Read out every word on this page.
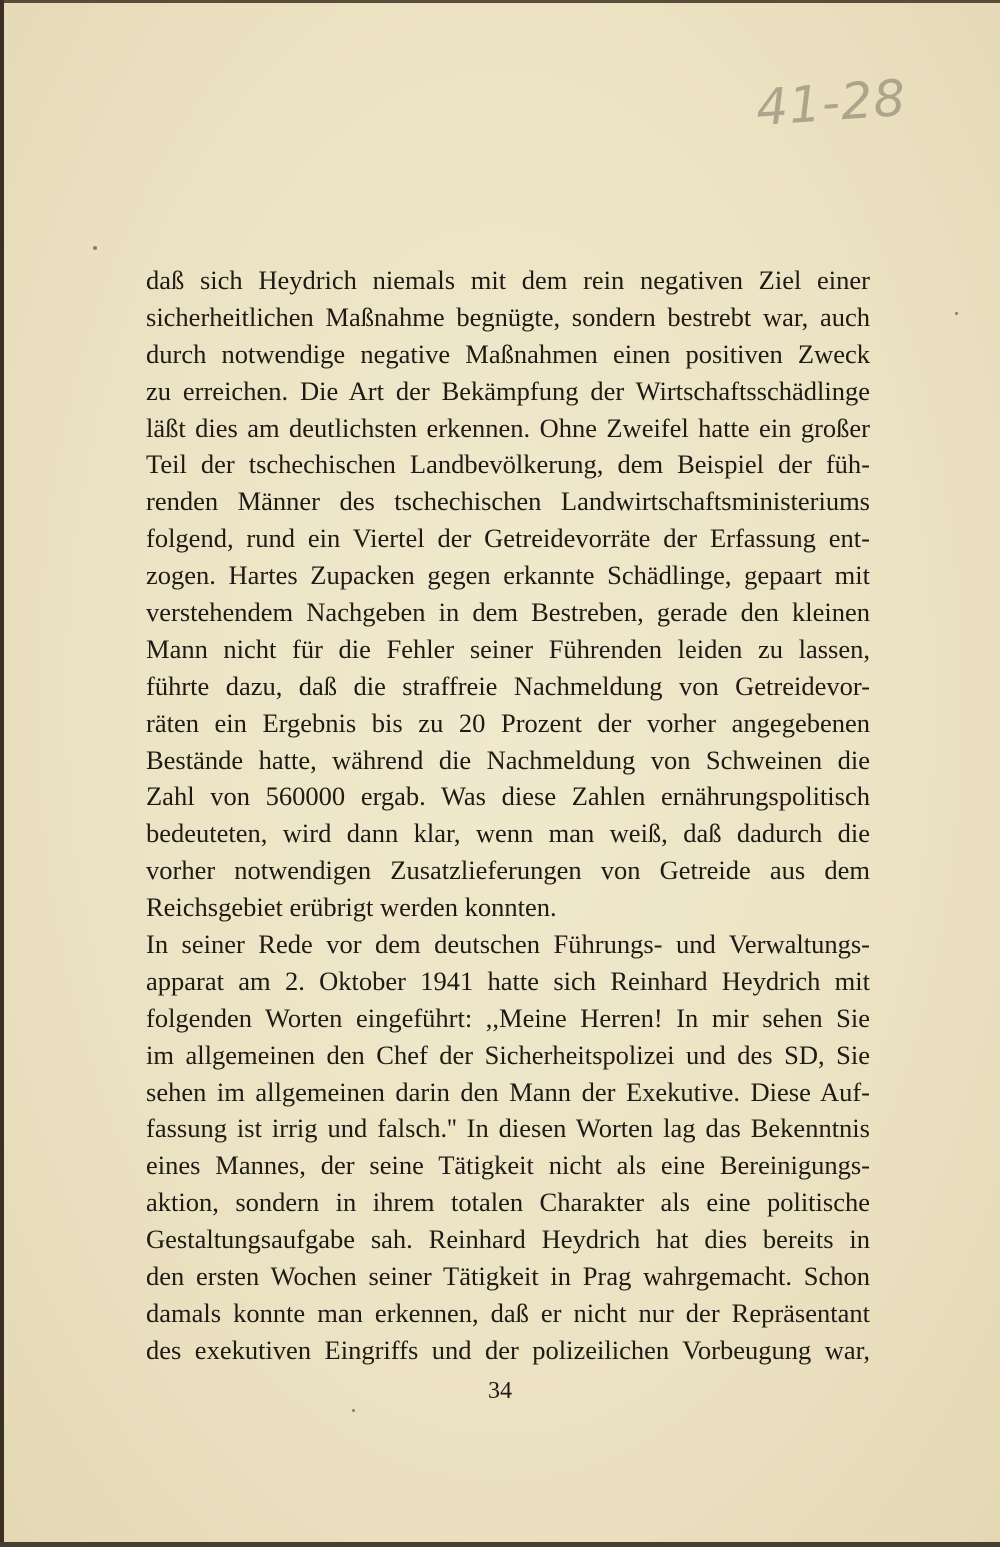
41-28
daß sich Heydrich niemals mit dem rein negativen Ziel einer
sicherheitlichen Maßnahme begnügte, sondern bestrebt war, auch
durch notwendige negative Maßnahmen einen positiven Zweck
zu erreichen. Die Art der Bekämpfung der Wirtschaftsschädlinge
läßt dies am deutlichsten erkennen. Ohne Zweifel hatte ein großer
Teil der tschechischen Landbevölkerung, dem Beispiel der füh-
renden Männer des tschechischen Landwirtschaftsministeriums
folgend, rund ein Viertel der Getreidevorräte der Erfassung ent-
zogen. Hartes Zupacken gegen erkannte Schädlinge, gepaart mit
verstehendem Nachgeben in dem Bestreben, gerade den kleinen
Mann nicht für die Fehler seiner Führenden leiden zu lassen,
führte dazu, daß die straffreie Nachmeldung von Getreidevor-
räten ein Ergebnis bis zu 20 Prozent der vorher angegebenen
Bestände hatte, während die Nachmeldung von Schweinen die
Zahl von 560000 ergab. Was diese Zahlen ernährungspolitisch
bedeuteten, wird dann klar, wenn man weiß, daß dadurch die
vorher notwendigen Zusatzlieferungen von Getreide aus dem
Reichsgebiet erübrigt werden konnten.
In seiner Rede vor dem deutschen Führungs- und Verwaltungs-
apparat am 2. Oktober 1941 hatte sich Reinhard Heydrich mit
folgenden Worten eingeführt: ,,Meine Herren! In mir sehen Sie
im allgemeinen den Chef der Sicherheitspolizei und des SD, Sie
sehen im allgemeinen darin den Mann der Exekutive. Diese Auf-
fassung ist irrig und falsch.'' In diesen Worten lag das Bekenntnis
eines Mannes, der seine Tätigkeit nicht als eine Bereinigungs-
aktion, sondern in ihrem totalen Charakter als eine politische
Gestaltungsaufgabe sah. Reinhard Heydrich hat dies bereits in
den ersten Wochen seiner Tätigkeit in Prag wahrgemacht. Schon
damals konnte man erkennen, daß er nicht nur der Repräsentant
des exekutiven Eingriffs und der polizeilichen Vorbeugung war,
34
